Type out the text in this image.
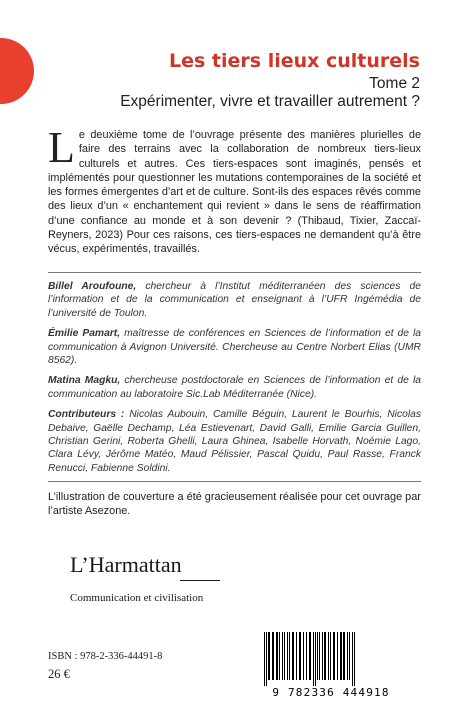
Les tiers lieux culturels
Tome 2
Expérimenter, vivre et travailler autrement ?

Le deuxième tome de l’ouvrage présente des manières plurielles de faire des terrains avec la collaboration de nombreux tiers-lieux culturels et autres. Ces tiers-espaces sont imaginés, pensés et implémentés pour questionner les mutations contemporaines de la société et les formes émergentes d’art et de culture. Sont-ils des espaces rêvés comme des lieux d’un « enchantement qui revient » dans le sens de réaffirmation d’une confiance au monde et à son devenir ? (Thibaud, Tixier, Zaccaï-Reyners, 2023) Pour ces raisons, ces tiers-espaces ne demandent qu’à être vécus, expérimentés, travaillés.

Billel Aroufoune, chercheur à l’Institut méditerranéen des sciences de l’information et de la communication et enseignant à l’UFR Ingémédia de l’université de Toulon.

Émilie Pamart, maîtresse de conférences en Sciences de l’information et de la communication à Avignon Université. Chercheuse au Centre Norbert Elias (UMR 8562).

Matina Magku, chercheuse postdoctorale en Sciences de l’information et de la communication au laboratoire Sic.Lab Méditerranée (Nice).

Contributeurs : Nicolas Aubouin, Camille Béguin, Laurent le Bourhis, Nicolas Debaive, Gaëlle Dechamp, Léa Estievenart, David Galli, Emilie Garcia Guillen, Christian Gerini, Roberta Ghelli, Laura Ghinea, Isabelle Horvath, Noémie Lago, Clara Lévy, Jérôme Matéo, Maud Pélissier, Pascal Quidu, Paul Rasse, Franck Renucci, Fabienne Soldini.

L’illustration de couverture a été gracieusement réalisée pour cet ouvrage par l’artiste Asezone.

L’Harmattan
Communication et civilisation
ISBN : 978-2-336-44491-8
26 €
9 782336 444918
